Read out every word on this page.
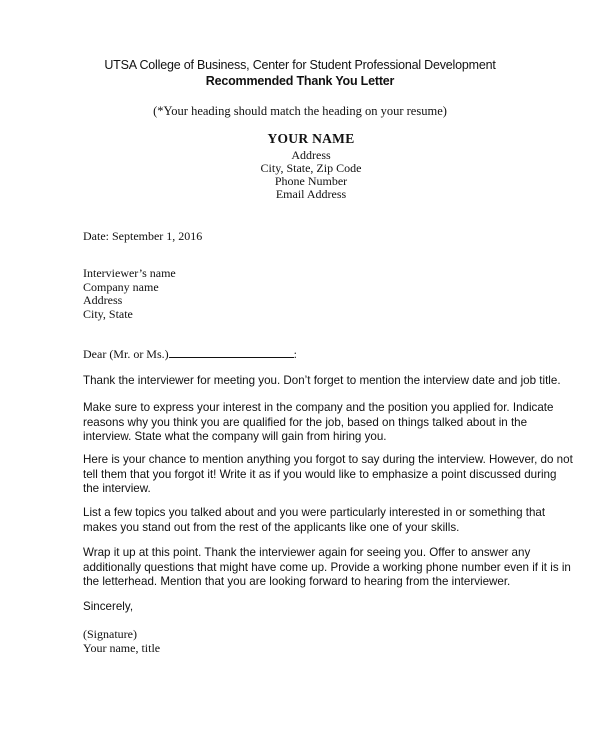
UTSA College of Business, Center for Student Professional Development
Recommended Thank You Letter
(*Your heading should match the heading on your resume)
YOUR NAME
Address
City, State, Zip Code
Phone Number
Email Address
Date: September 1, 2016
Interviewer’s name
Company name
Address
City, State
Dear (Mr. or Ms.)	:
Thank the interviewer for meeting you. Don’t forget to mention the interview date and job title.
Make sure to express your interest in the company and the position you applied for. Indicate
reasons why you think you are qualified for the job, based on things talked about in the
interview. State what the company will gain from hiring you.
Here is your chance to mention anything you forgot to say during the interview. However, do not
tell them that you forgot it! Write it as if you would like to emphasize a point discussed during
the interview.
List a few topics you talked about and you were particularly interested in or something that
makes you stand out from the rest of the applicants like one of your skills.
Wrap it up at this point. Thank the interviewer again for seeing you. Offer to answer any
additionally questions that might have come up. Provide a working phone number even if it is in
the letterhead. Mention that you are looking forward to hearing from the interviewer.
Sincerely,
(Signature)
Your name, title
